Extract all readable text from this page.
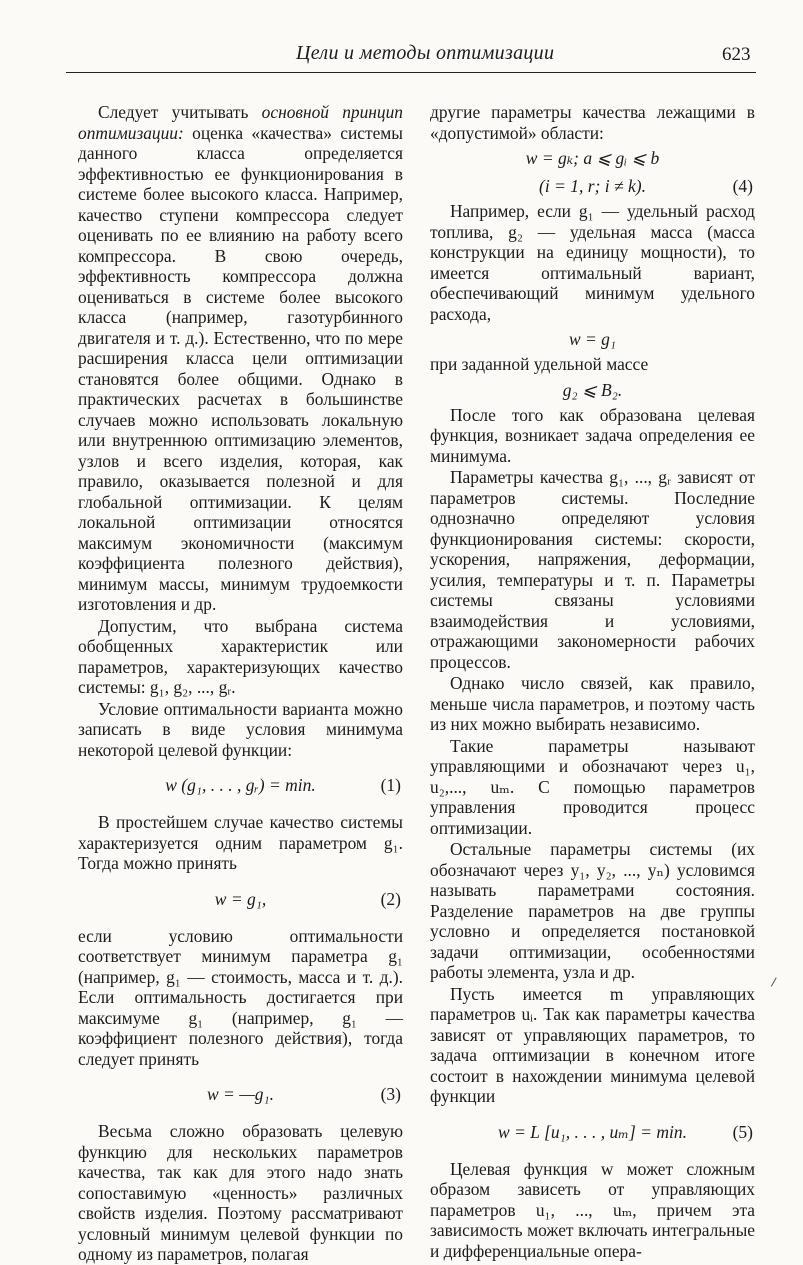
Цели и методы оптимизации	623

Следует учитывать основной принцип оптимизации: оценка «качества» системы данного класса определяется эффективностью ее функционирования в системе более высокого класса. Например, качество ступени компрессора следует оценивать по ее влиянию на работу всего компрессора. В свою очередь, эффективность компрессора должна оцениваться в системе более высокого класса (например, газотурбинного двигателя и т. д.). Естественно, что по мере расширения класса цели оптимизации становятся более общими. Однако в практических расчетах в большинстве случаев можно использовать локальную или внутреннюю оптимизацию элементов, узлов и всего изделия, которая, как правило, оказывается полезной и для глобальной оптимизации. К целям локальной оптимизации относятся максимум экономичности (максимум коэффициента полезного действия), минимум массы, минимум трудоемкости изготовления и др.

Допустим, что выбрана система обобщенных характеристик или параметров, характеризующих качество системы: g₁, g₂, ..., gᵣ.

Условие оптимальности варианта можно записать в виде условия минимума некоторой целевой функции:

w (g₁, . . . , gᵣ) = min.	(1)

В простейшем случае качество системы характеризуется одним параметром g₁. Тогда можно принять

w = g₁,	(2)

если условию оптимальности соответствует минимум параметра g₁ (например, g₁ — стоимость, масса и т. д.). Если оптимальность достигается при максимуме g₁ (например, g₁ — коэффициент полезного действия), тогда следует принять

w = —g₁.	(3)

Весьма сложно образовать целевую функцию для нескольких параметров качества, так как для этого надо знать сопоставимую «ценность» различных свойств изделия. Поэтому рассматривают условный минимум целевой функции по одному из параметров, полагая

другие параметры качества лежащими в «допустимой» области:

w = gₖ; a ⩽ gᵢ ⩽ b
(i = 1, r; i ≠ k).	(4)

Например, если g₁ — удельный расход топлива, g₂ — удельная масса (масса конструкции на единицу мощности), то имеется оптимальный вариант, обеспечивающий минимум удельного расхода,

w = g₁

при заданной удельной массе

g₂ ⩽ B₂.

После того как образована целевая функция, возникает задача определения ее минимума.

Параметры качества g₁, ..., gᵣ зависят от параметров системы. Последние однозначно определяют условия функционирования системы: скорости, ускорения, напряжения, деформации, усилия, температуры и т. п. Параметры системы связаны условиями взаимодействия и условиями, отражающими закономерности рабочих процессов.

Однако число связей, как правило, меньше числа параметров, и поэтому часть из них можно выбирать независимо.

Такие параметры называют управляющими и обозначают через u₁, u₂,..., uₘ. С помощью параметров управления проводится процесс оптимизации.

Остальные параметры системы (их обозначают через y₁, y₂, ..., yₙ) условимся называть параметрами состояния. Разделение параметров на две группы условно и определяется постановкой задачи оптимизации, особенностями работы элемента, узла и др.

Пусть имеется m управляющих параметров uᵢ. Так как параметры качества зависят от управляющих параметров, то задача оптимизации в конечном итоге состоит в нахождении минимума целевой функции

w = L [u₁, . . . , uₘ] = min.	(5)

Целевая функция w может сложным образом зависеть от управляющих параметров u₁, ..., uₘ, причем эта зависимость может включать интегральные и дифференциальные опера-
